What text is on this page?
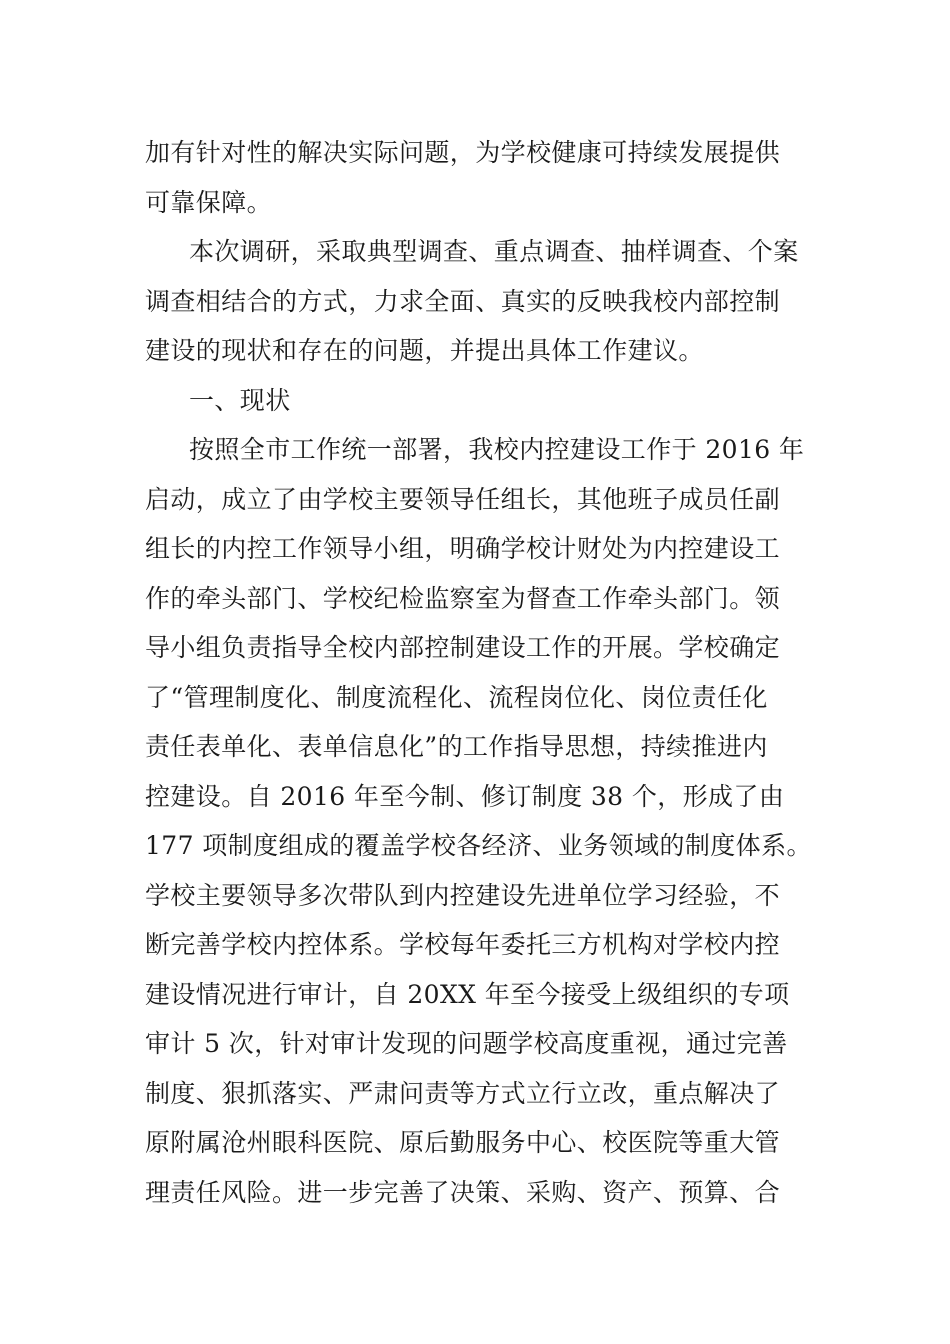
加有针对性的解决实际问题，为学校健康可持续发展提供
可靠保障。
本次调研，采取典型调查、重点调查、抽样调查、个案
调查相结合的方式，力求全面、真实的反映我校内部控制
建设的现状和存在的问题，并提出具体工作建议。
一、现状
按照全市工作统一部署，我校内控建设工作于 2016 年
启动，成立了由学校主要领导任组长，其他班子成员任副
组长的内控工作领导小组，明确学校计财处为内控建设工
作的牵头部门、学校纪检监察室为督查工作牵头部门。领
导小组负责指导全校内部控制建设工作的开展。学校确定
了“管理制度化、制度流程化、流程岗位化、岗位责任化
责任表单化、表单信息化”的工作指导思想，持续推进内
控建设。自 2016 年至今制、修订制度 38 个，形成了由
177 项制度组成的覆盖学校各经济、业务领域的制度体系。
学校主要领导多次带队到内控建设先进单位学习经验，不
断完善学校内控体系。学校每年委托三方机构对学校内控
建设情况进行审计，自 20XX 年至今接受上级组织的专项
审计 5 次，针对审计发现的问题学校高度重视，通过完善
制度、狠抓落实、严肃问责等方式立行立改，重点解决了
原附属沧州眼科医院、原后勤服务中心、校医院等重大管
理责任风险。进一步完善了决策、采购、资产、预算、合
